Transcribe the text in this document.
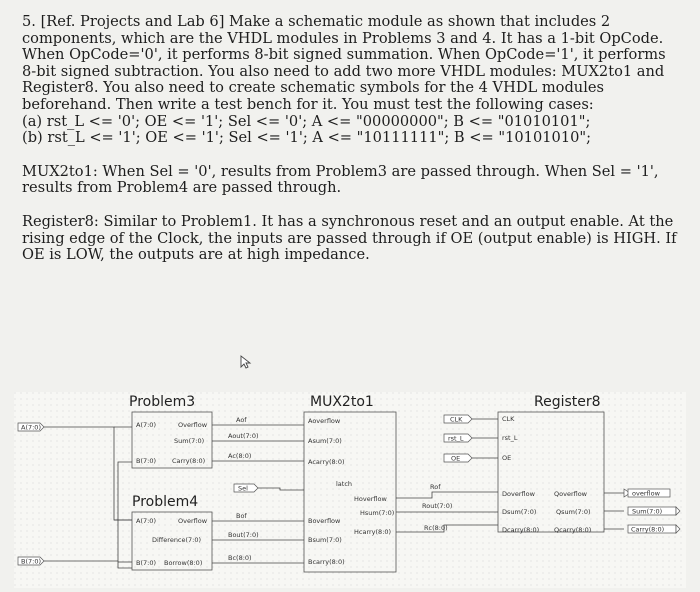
5. [Ref. Projects and Lab 6] Make a schematic module as shown that includes 2
components, which are the VHDL modules in Problems 3 and 4. It has a 1-bit OpCode.
When OpCode='0', it performs 8-bit signed summation. When OpCode='1', it performs
8-bit signed subtraction. You also need to add two more VHDL modules: MUX2to1 and
Register8. You also need to create schematic symbols for the 4 VHDL modules
beforehand. Then write a test bench for it. You must test the following cases:
(a) rst_L <= '0'; OE <= '1'; Sel <= '0'; A <= "00000000"; B <= "01010101";
(b) rst_L <= '1'; OE <= '1'; Sel <= '1'; A <= "10111111"; B <= "10101010";

MUX2to1: When Sel = '0', results from Problem3 are passed through. When Sel = '1',
results from Problem4 are passed through.

Register8: Similar to Problem1. It has a synchronous reset and an output enable. At the
rising edge of the Clock, the inputs are passed through if OE (output enable) is HIGH. If
OE is LOW, the outputs are at high impedance.

Problem3	MUX2to1	Register8
Problem4
A(7:0)
B(7:0)
CLK
rst_L
OE
Sel
A(7:0)
B(7:0)
Overflow
Sum(7:0)
Carry(8:0)
A(7:0)
B(7:0)
Overflow
Difference(7:0)
Borrow(8:0)
Aof
Aout(7:0)
Ac(8:0)
Bof
Bout(7:0)
Bc(8:0)
Aoverflow
Asum(7:0)
Acarry(8:0)
latch
Boverflow
Bsum(7:0)
Bcarry(8:0)
Hoverflow
Hsum(7:0)
Hcarry(8:0)
Rof
Rout(7:0)
Rc(8:0)
CLK
rst_L
OE
Doverflow	Qoverflow
Dsum(7:0)	Qsum(7:0)
Dcarry(8:0) Qcarry(8:0)
overflow
Sum(7:0)
Carry(8:0)
